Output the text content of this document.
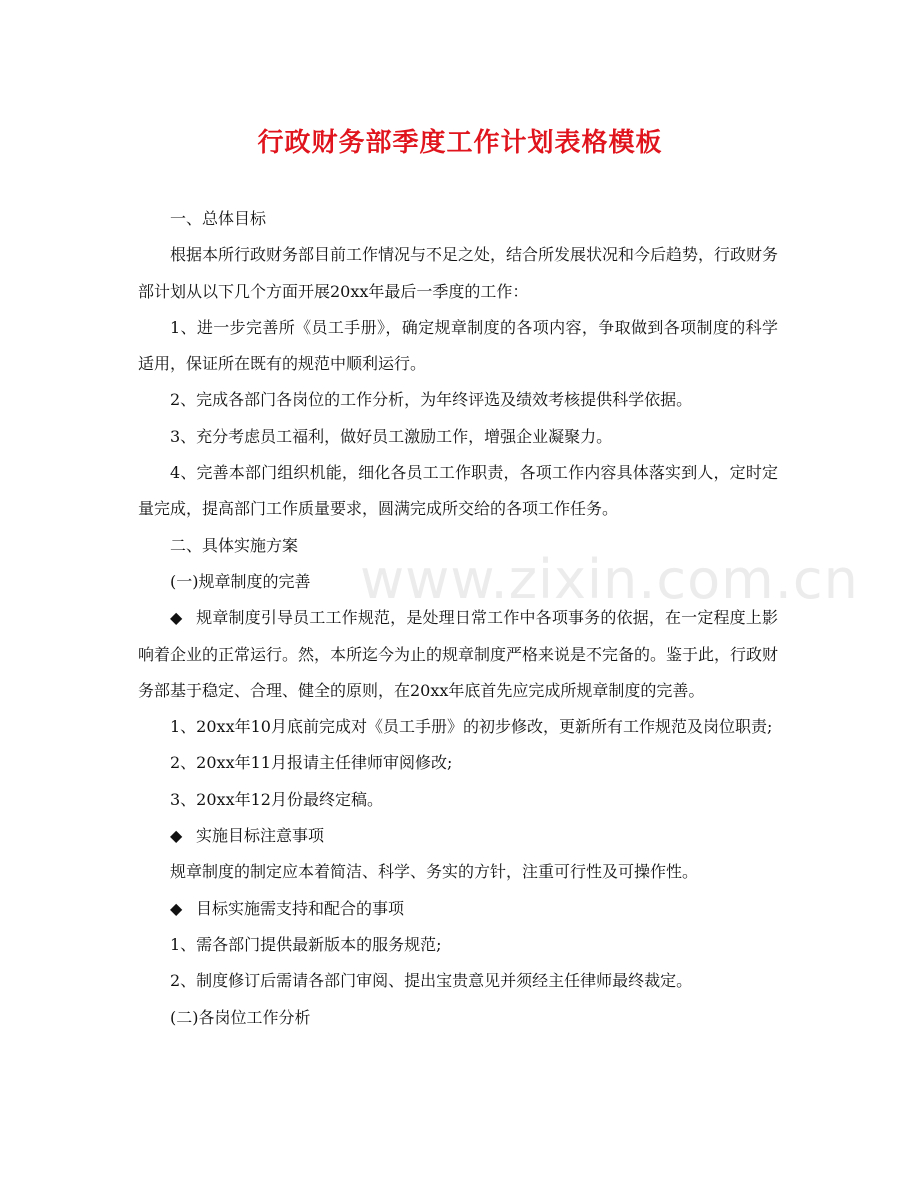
行政财务部季度工作计划表格模板
www.zixin.com.cn

一、总体目标

根据本所行政财务部目前工作情况与不足之处，结合所发展状况和今后趋势，行政财务部计划从以下几个方面开展20xx年最后一季度的工作：

1、进一步完善所《员工手册》，确定规章制度的各项内容，争取做到各项制度的科学适用，保证所在既有的规范中顺利运行。

2、完成各部门各岗位的工作分析，为年终评选及绩效考核提供科学依据。

3、充分考虑员工福利，做好员工激励工作，增强企业凝聚力。

4、完善本部门组织机能，细化各员工工作职责，各项工作内容具体落实到人，定时定量完成，提高部门工作质量要求，圆满完成所交给的各项工作任务。

二、具体实施方案

(一)规章制度的完善

◆ 规章制度引导员工工作规范，是处理日常工作中各项事务的依据，在一定程度上影响着企业的正常运行。然，本所迄今为止的规章制度严格来说是不完备的。鉴于此，行政财务部基于稳定、合理、健全的原则，在20xx年底首先应完成所规章制度的完善。

1、20xx年10月底前完成对《员工手册》的初步修改，更新所有工作规范及岗位职责;

2、20xx年11月报请主任律师审阅修改;

3、20xx年12月份最终定稿。

◆ 实施目标注意事项

规章制度的制定应本着简洁、科学、务实的方针，注重可行性及可操作性。

◆ 目标实施需支持和配合的事项

1、需各部门提供最新版本的服务规范;

2、制度修订后需请各部门审阅、提出宝贵意见并须经主任律师最终裁定。

(二)各岗位工作分析
